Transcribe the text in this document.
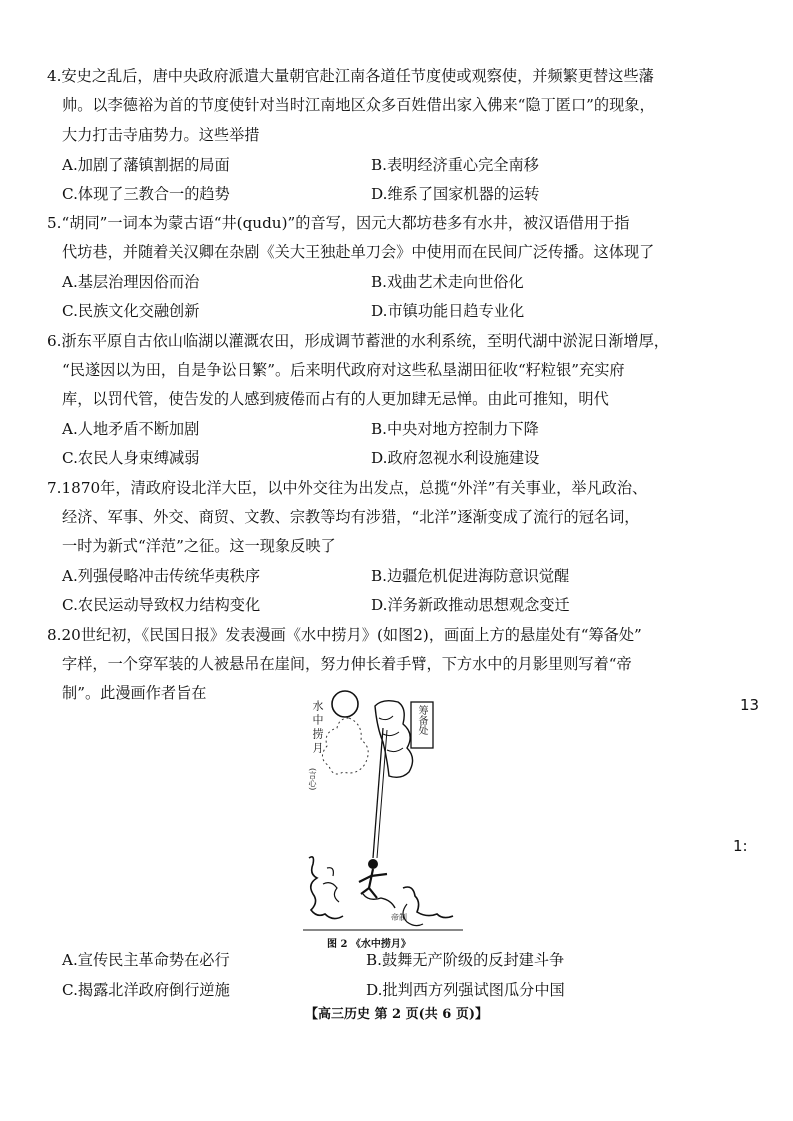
4.安史之乱后，唐中央政府派遣大量朝官赴江南各道任节度使或观察使，并频繁更替这些藩
帅。以李德裕为首的节度使针对当时江南地区众多百姓借出家入佛来“隐丁匿口”的现象，
大力打击寺庙势力。这些举措
A.加剧了藩镇割据的局面	B.表明经济重心完全南移
C.体现了三教合一的趋势	D.维系了国家机器的运转
5.“胡同”一词本为蒙古语“井(qudu)”的音写，因元大都坊巷多有水井，被汉语借用于指
代坊巷，并随着关汉卿在杂剧《关大王独赴单刀会》中使用而在民间广泛传播。这体现了
A.基层治理因俗而治	B.戏曲艺术走向世俗化
C.民族文化交融创新	D.市镇功能日趋专业化
6.浙东平原自古依山临湖以灌溉农田，形成调节蓄泄的水利系统，至明代湖中淤泥日渐增厚，
“民遂因以为田，自是争讼日繁”。后来明代政府对这些私垦湖田征收“籽粒银”充实府
库，以罚代管，使告发的人感到疲倦而占有的人更加肆无忌惮。由此可推知，明代
A.人地矛盾不断加剧	B.中央对地方控制力下降
C.农民人身束缚减弱	D.政府忽视水利设施建设
7.1870年，清政府设北洋大臣，以中外交往为出发点，总揽“外洋”有关事业，举凡政治、
经济、军事、外交、商贸、文教、宗教等均有涉猎，“北洋”逐渐变成了流行的冠名词，
一时为新式“洋范”之征。这一现象反映了
A.列强侵略冲击传统华夷秩序	B.边疆危机促进海防意识觉醒
C.农民运动导致权力结构变化	D.洋务新政推动思想观念变迁
8.20世纪初，《民国日报》发表漫画《水中捞月》(如图2)，画面上方的悬崖处有“筹备处”
字样，一个穿军装的人被悬吊在崖间，努力伸长着手臂，下方水中的月影里则写着“帝
制”。此漫画作者旨在
A.宣传民主革命势在必行	B.鼓舞无产阶级的反封建斗争
C.揭露北洋政府倒行逆施	D.批判西方列强试图瓜分中国
水中捞月
(言心)
筹备处
帝制
图 2 《水中捞月》
13
1:
【高三历史 第 2 页(共 6 页)】
